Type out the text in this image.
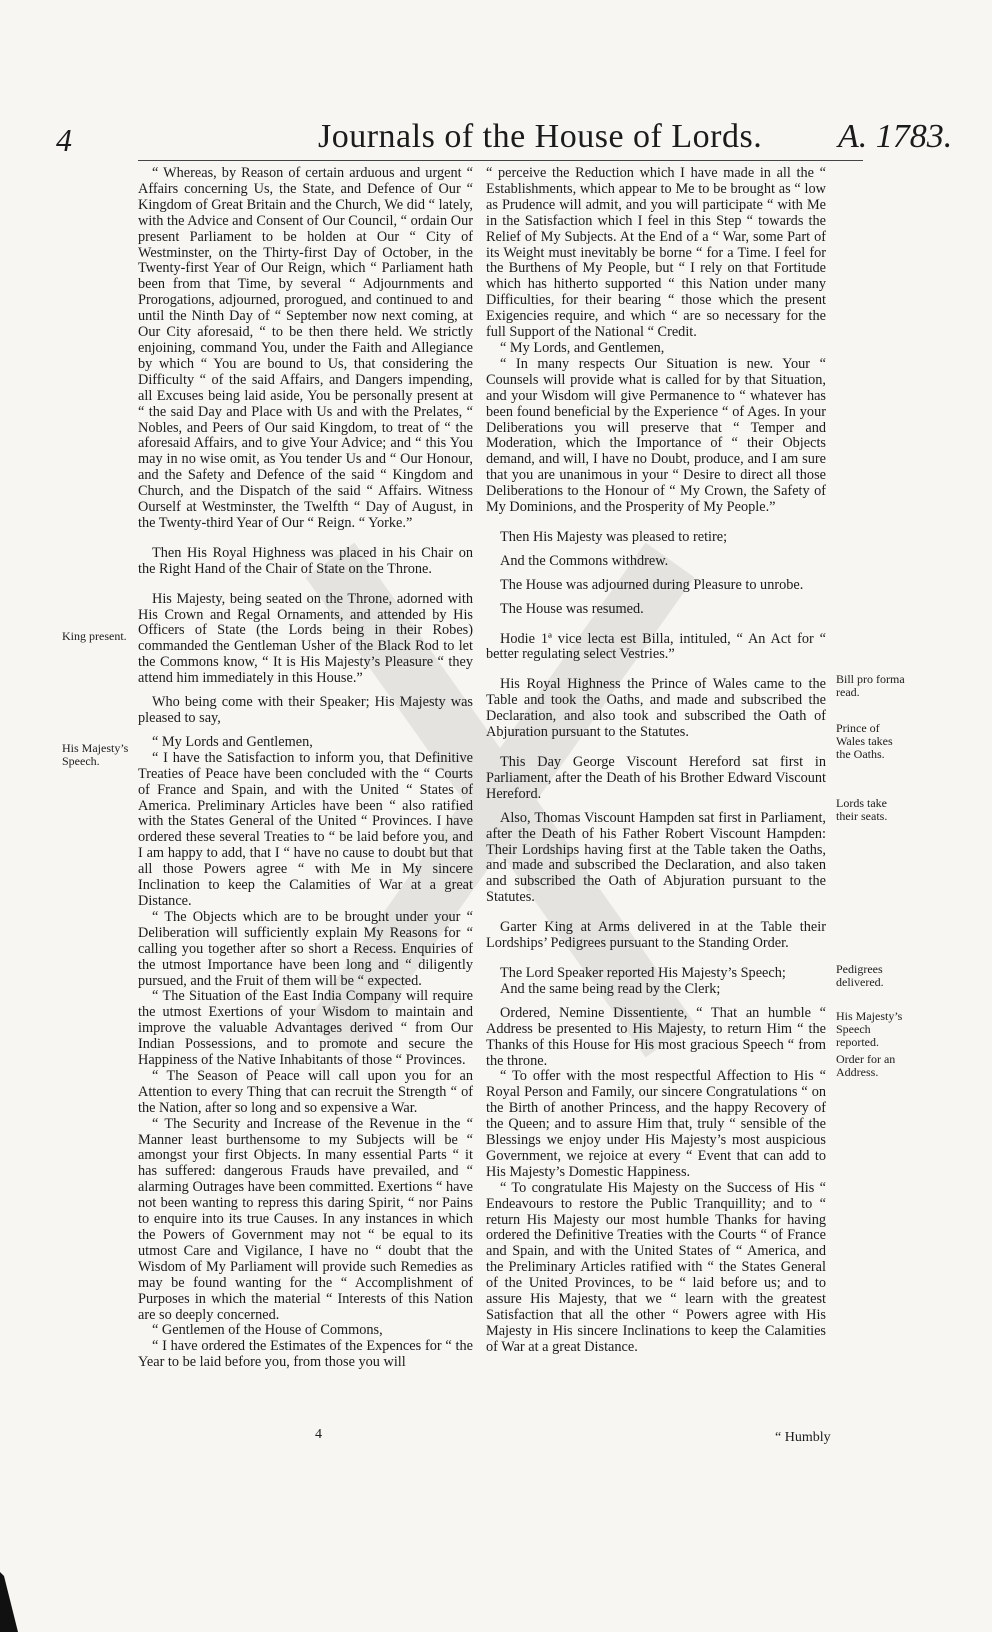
4	Journals of the House of Lords. A. 1783.

“ Whereas, by Reason of certain arduous and urgent “ Affairs concerning Us, the State, and Defence of Our “ Kingdom of Great Britain and the Church, We did “ lately, with the Advice and Consent of Our Council, “ ordain Our present Parliament to be holden at Our “ City of Westminster, on the Thirty-first Day of October, in the Twenty-first Year of Our Reign, which “ Parliament hath been from that Time, by several “ Adjournments and Prorogations, adjourned, prorogued, and continued to and until the Ninth Day of “ September now next coming, at Our City aforesaid, “ to be then there held. We strictly enjoining, command You, under the Faith and Allegiance by which “ You are bound to Us, that considering the Difficulty “ of the said Affairs, and Dangers impending, all Excuses being laid aside, You be personally present at “ the said Day and Place with Us and with the Prelates, “ Nobles, and Peers of Our said Kingdom, to treat of “ the aforesaid Affairs, and to give Your Advice; and “ this You may in no wise omit, as You tender Us and “ Our Honour, and the Safety and Defence of the said “ Kingdom and Church, and the Dispatch of the said “ Affairs. Witness Ourself at Westminster, the Twelfth “ Day of August, in the Twenty-third Year of Our “ Reign. “ Yorke.”

Then His Royal Highness was placed in his Chair on the Right Hand of the Chair of State on the Throne.

His Majesty, being seated on the Throne, adorned with His Crown and Regal Ornaments, and attended by His Officers of State (the Lords being in their Robes) commanded the Gentleman Usher of the Black Rod to let the Commons know, “ It is His Majesty’s Pleasure “ they attend him immediately in this House.”

Who being come with their Speaker; His Majesty was pleased to say,

“ My Lords and Gentlemen,

“ I have the Satisfaction to inform you, that Definitive Treaties of Peace have been concluded with the “ Courts of France and Spain, and with the United “ States of America. Preliminary Articles have been “ also ratified with the States General of the United “ Provinces. I have ordered these several Treaties to “ be laid before you, and I am happy to add, that I “ have no cause to doubt but that all those Powers agree “ with Me in My sincere Inclination to keep the Calamities of War at a great Distance.

“ The Objects which are to be brought under your “ Deliberation will sufficiently explain My Reasons for “ calling you together after so short a Recess. Enquiries of the utmost Importance have been long and “ diligently pursued, and the Fruit of them will be “ expected.

“ The Situation of the East India Company will require the utmost Exertions of your Wisdom to maintain and improve the valuable Advantages derived “ from Our Indian Possessions, and to promote and secure the Happiness of the Native Inhabitants of those “ Provinces.

“ The Season of Peace will call upon you for an Attention to every Thing that can recruit the Strength “ of the Nation, after so long and so expensive a War.

“ The Security and Increase of the Revenue in the “ Manner least burthensome to my Subjects will be “ amongst your first Objects. In many essential Parts “ it has suffered: dangerous Frauds have prevailed, and “ alarming Outrages have been committed. Exertions “ have not been wanting to repress this daring Spirit, “ nor Pains to enquire into its true Causes. In any instances in which the Powers of Government may not “ be equal to its utmost Care and Vigilance, I have no “ doubt that the Wisdom of My Parliament will provide such Remedies as may be found wanting for the “ Accomplishment of Purposes in which the material “ Interests of this Nation are so deeply concerned.

“ Gentlemen of the House of Commons,

“ I have ordered the Estimates of the Expences for “ the Year to be laid before you, from those you will

“ perceive the Reduction which I have made in all the “ Establishments, which appear to Me to be brought as “ low as Prudence will admit, and you will participate “ with Me in the Satisfaction which I feel in this Step “ towards the Relief of My Subjects. At the End of a “ War, some Part of its Weight must inevitably be borne “ for a Time. I feel for the Burthens of My People, but “ I rely on that Fortitude which has hitherto supported “ this Nation under many Difficulties, for their bearing “ those which the present Exigencies require, and which “ are so necessary for the full Support of the National “ Credit.

“ My Lords, and Gentlemen,

“ In many respects Our Situation is new. Your “ Counsels will provide what is called for by that Situation, and your Wisdom will give Permanence to “ whatever has been found beneficial by the Experience “ of Ages. In your Deliberations you will preserve that “ Temper and Moderation, which the Importance of “ their Objects demand, and will, I have no Doubt, produce, and I am sure that you are unanimous in your “ Desire to direct all those Deliberations to the Honour of “ My Crown, the Safety of My Dominions, and the Prosperity of My People.”

Then His Majesty was pleased to retire;

And the Commons withdrew.

The House was adjourned during Pleasure to unrobe.

The House was resumed.

Hodie 1ª vice lecta est Billa, intituled, “ An Act for “ better regulating select Vestries.”

His Royal Highness the Prince of Wales came to the Table and took the Oaths, and made and subscribed the Declaration, and also took and subscribed the Oath of Abjuration pursuant to the Statutes.

This Day George Viscount Hereford sat first in Parliament, after the Death of his Brother Edward Viscount Hereford.

Also, Thomas Viscount Hampden sat first in Parliament, after the Death of his Father Robert Viscount Hampden: Their Lordships having first at the Table taken the Oaths, and made and subscribed the Declaration, and also taken and subscribed the Oath of Abjuration pursuant to the Statutes.

Garter King at Arms delivered in at the Table their Lordships’ Pedigrees pursuant to the Standing Order.

The Lord Speaker reported His Majesty’s Speech;

And the same being read by the Clerk;

Ordered, Nemine Dissentiente, “ That an humble “ Address be presented to His Majesty, to return Him “ the Thanks of this House for His most gracious Speech “ from the throne.

“ To offer with the most respectful Affection to His “ Royal Person and Family, our sincere Congratulations “ on the Birth of another Princess, and the happy Recovery of the Queen; and to assure Him that, truly “ sensible of the Blessings we enjoy under His Majesty’s most auspicious Government, we rejoice at every “ Event that can add to His Majesty’s Domestic Happiness.

“ To congratulate His Majesty on the Success of His “ Endeavours to restore the Public Tranquillity; and to “ return His Majesty our most humble Thanks for having ordered the Definitive Treaties with the Courts “ of France and Spain, and with the United States of “ America, and the Preliminary Articles ratified with “ the States General of the United Provinces, to be “ laid before us; and to assure His Majesty, that we “ learn with the greatest Satisfaction that all the other “ Powers agree with His Majesty in His sincere Inclinations to keep the Calamities of War at a great Distance.

King present.
His Majesty’s Speech.
Bill pro forma read.
Prince of Wales takes the Oaths.
Lords take their seats.
Pedigrees delivered.
His Majesty’s Speech reported.
Order for an Address.
4	“ Humbly
